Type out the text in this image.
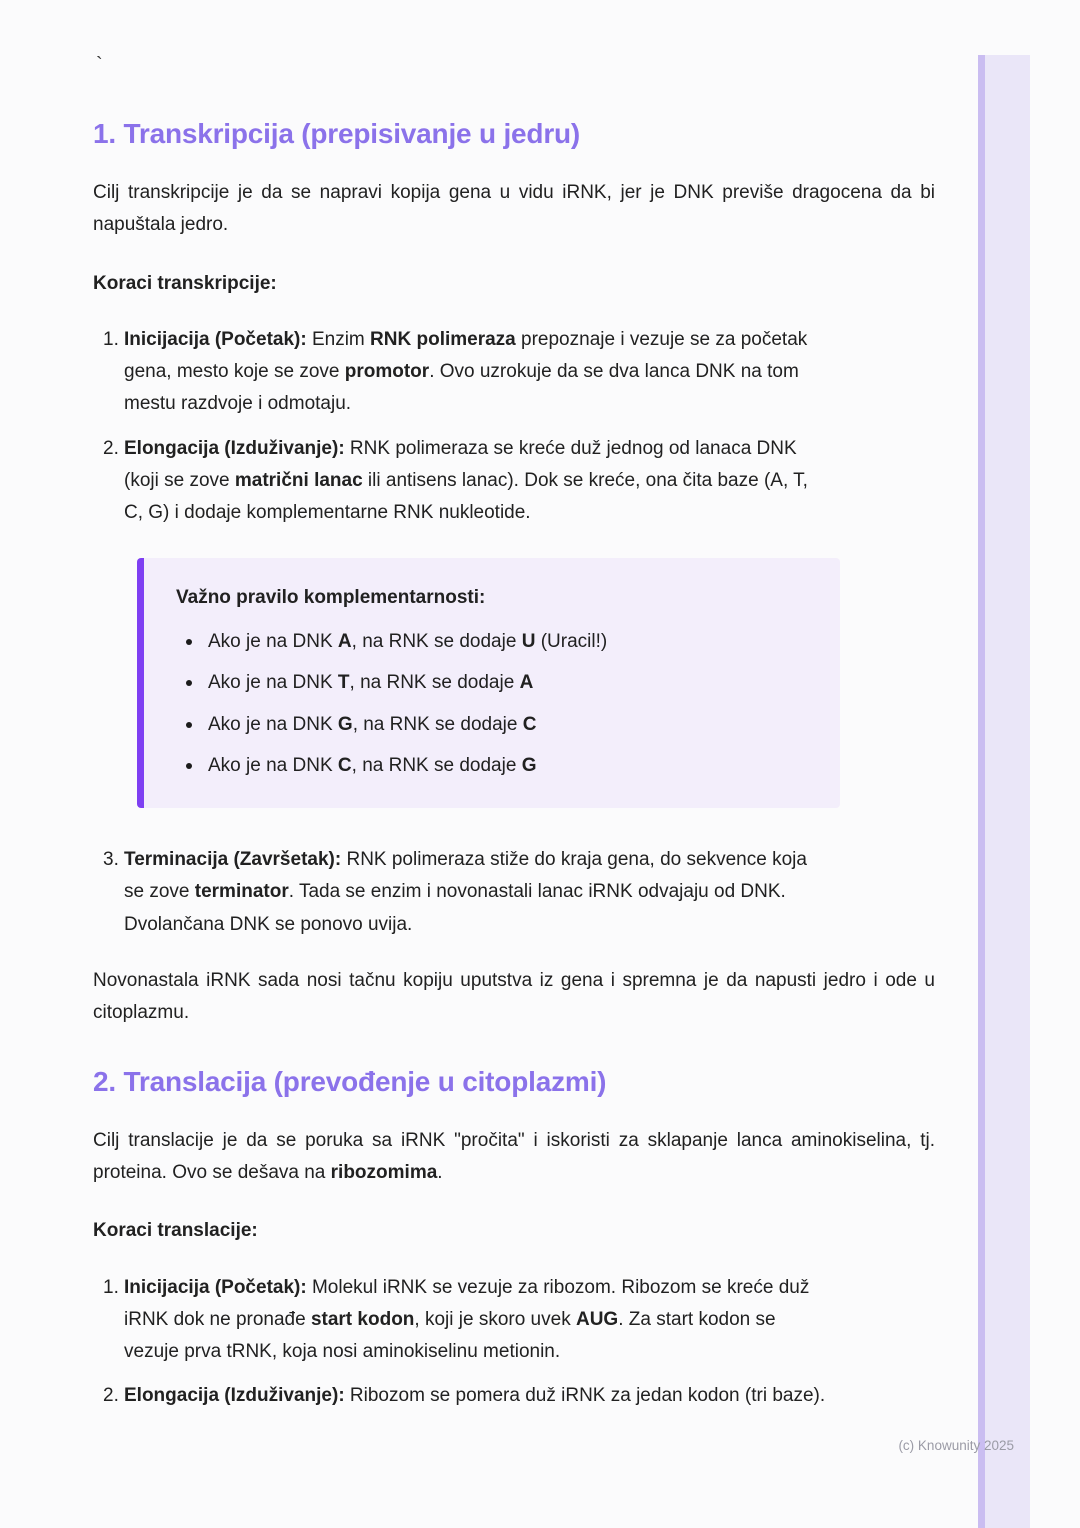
`
1. Transkripcija (prepisivanje u jedru)

Cilj transkripcije je da se napravi kopija gena u vidu iRNK, jer je DNK previše dragocena da bi napuštala jedro.

Koraci transkripcije:

1. Inicijacija (Početak): Enzim RNK polimeraza prepoznaje i vezuje se za početak gena, mesto koje se zove promotor. Ovo uzrokuje da se dva lanca DNK na tom mestu razdvoje i odmotaju.
2. Elongacija (Izduživanje): RNK polimeraza se kreće duž jednog od lanaca DNK (koji se zove matrični lanac ili antisens lanac). Dok se kreće, ona čita baze (A, T, C, G) i dodaje komplementarne RNK nukleotide.
Važno pravilo komplementarnosti:
Ako je na DNK A, na RNK se dodaje U (Uracil!)
Ako je na DNK T, na RNK se dodaje A
Ako je na DNK G, na RNK se dodaje C
Ako je na DNK C, na RNK se dodaje G
3. Terminacija (Završetak): RNK polimeraza stiže do kraja gena, do sekvence koja se zove terminator. Tada se enzim i novonastali lanac iRNK odvajaju od DNK. Dvolančana DNK se ponovo uvija.

Novonastala iRNK sada nosi tačnu kopiju uputstva iz gena i spremna je da napusti jedro i ode u citoplazmu.

2. Translacija (prevođenje u citoplazmi)

Cilj translacije je da se poruka sa iRNK "pročita" i iskoristi za sklapanje lanca aminokiselina, tj. proteina. Ovo se dešava na ribozomima.

Koraci translacije:

1. Inicijacija (Početak): Molekul iRNK se vezuje za ribozom. Ribozom se kreće duž iRNK dok ne pronađe start kodon, koji je skoro uvek AUG. Za start kodon se vezuje prva tRNK, koja nosi aminokiselinu metionin.
2. Elongacija (Izduživanje): Ribozom se pomera duž iRNK za jedan kodon (tri baze).
(c) Knowunity 2025
